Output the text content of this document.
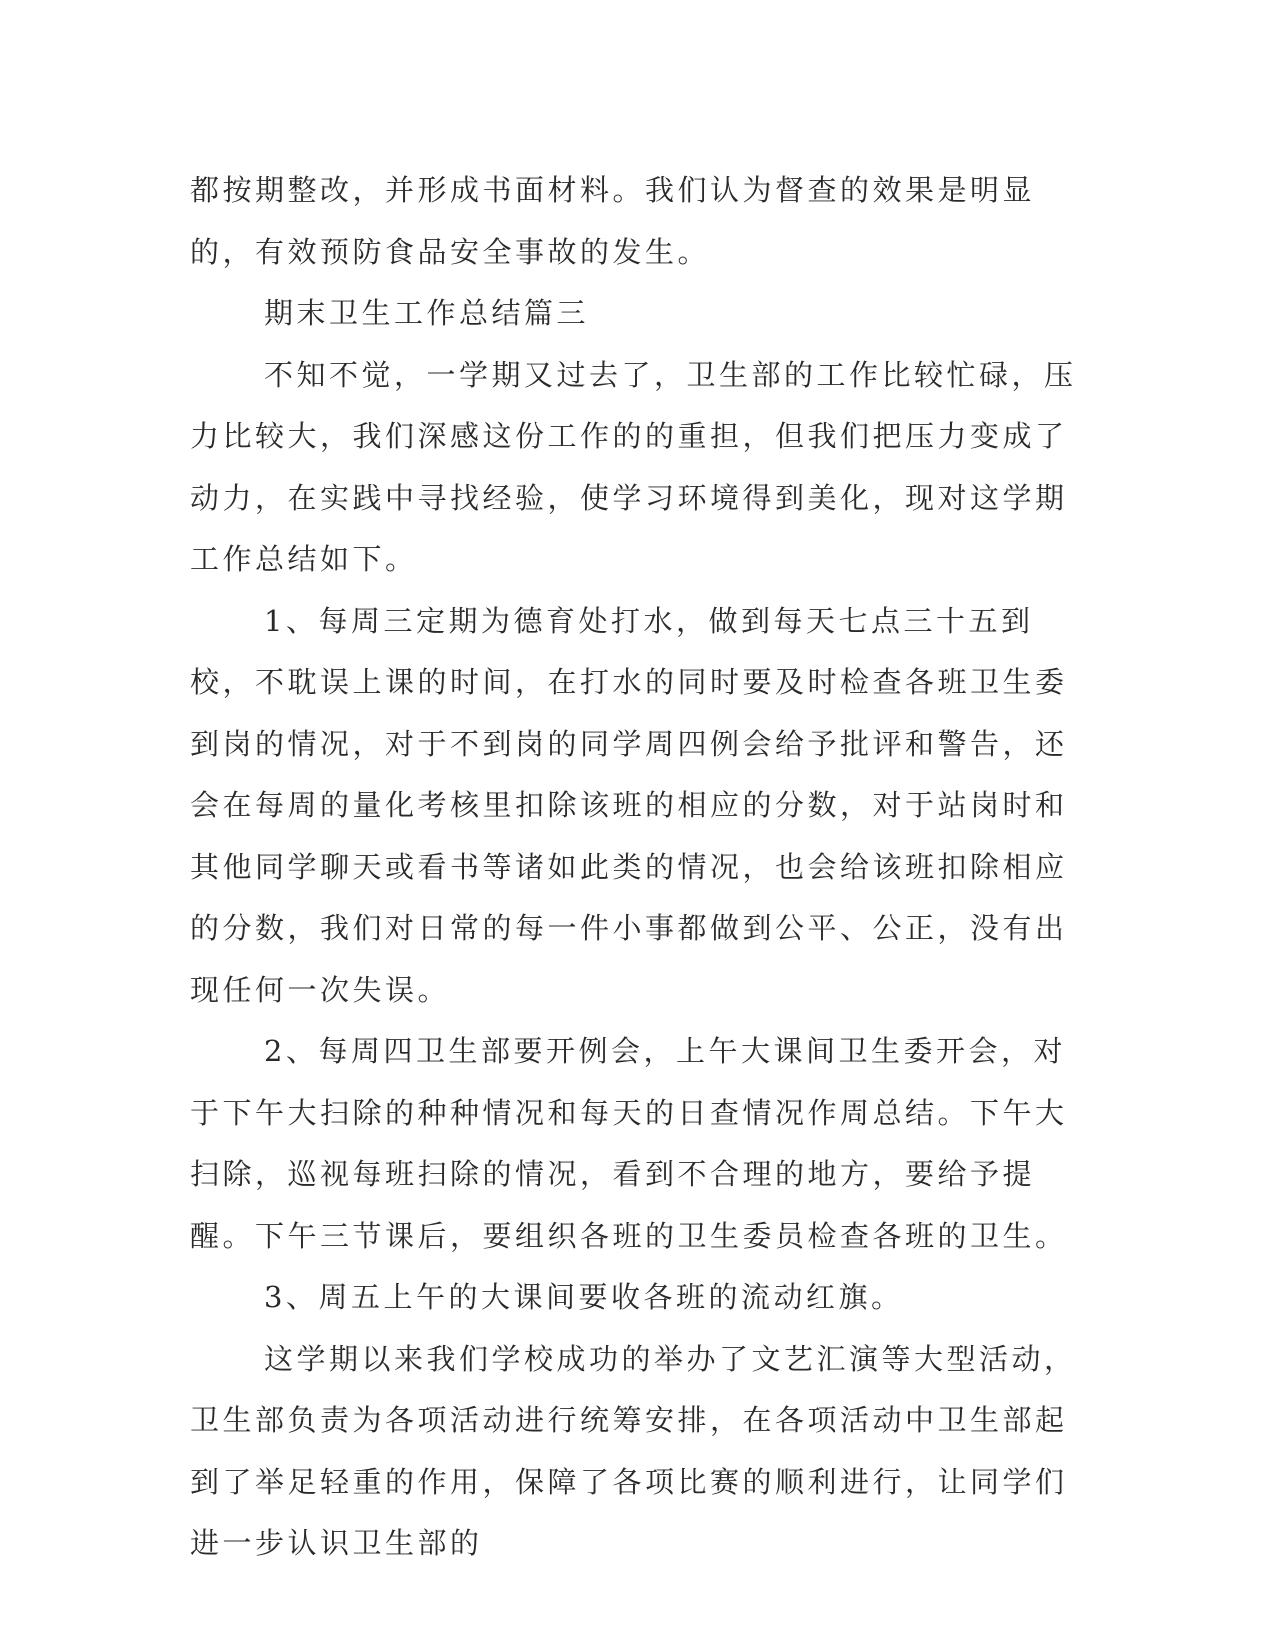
都按期整改，并形成书面材料。我们认为督查的效果是明显的，有效预防食品安全事故的发生。

期末卫生工作总结篇三

不知不觉，一学期又过去了，卫生部的工作比较忙碌，压力比较大，我们深感这份工作的的重担，但我们把压力变成了动力，在实践中寻找经验，使学习环境得到美化，现对这学期工作总结如下。

1、每周三定期为德育处打水，做到每天七点三十五到校，不耽误上课的时间，在打水的同时要及时检查各班卫生委到岗的情况，对于不到岗的同学周四例会给予批评和警告，还会在每周的量化考核里扣除该班的相应的分数，对于站岗时和其他同学聊天或看书等诸如此类的情况，也会给该班扣除相应的分数，我们对日常的每一件小事都做到公平、公正，没有出现任何一次失误。

2、每周四卫生部要开例会，上午大课间卫生委开会，对于下午大扫除的种种情况和每天的日查情况作周总结。下午大扫除，巡视每班扫除的情况，看到不合理的地方，要给予提醒。下午三节课后，要组织各班的卫生委员检查各班的卫生。

3、周五上午的大课间要收各班的流动红旗。

这学期以来我们学校成功的举办了文艺汇演等大型活动，卫生部负责为各项活动进行统筹安排，在各项活动中卫生部起到了举足轻重的作用，保障了各项比赛的顺利进行，让同学们进一步认识卫生部的
